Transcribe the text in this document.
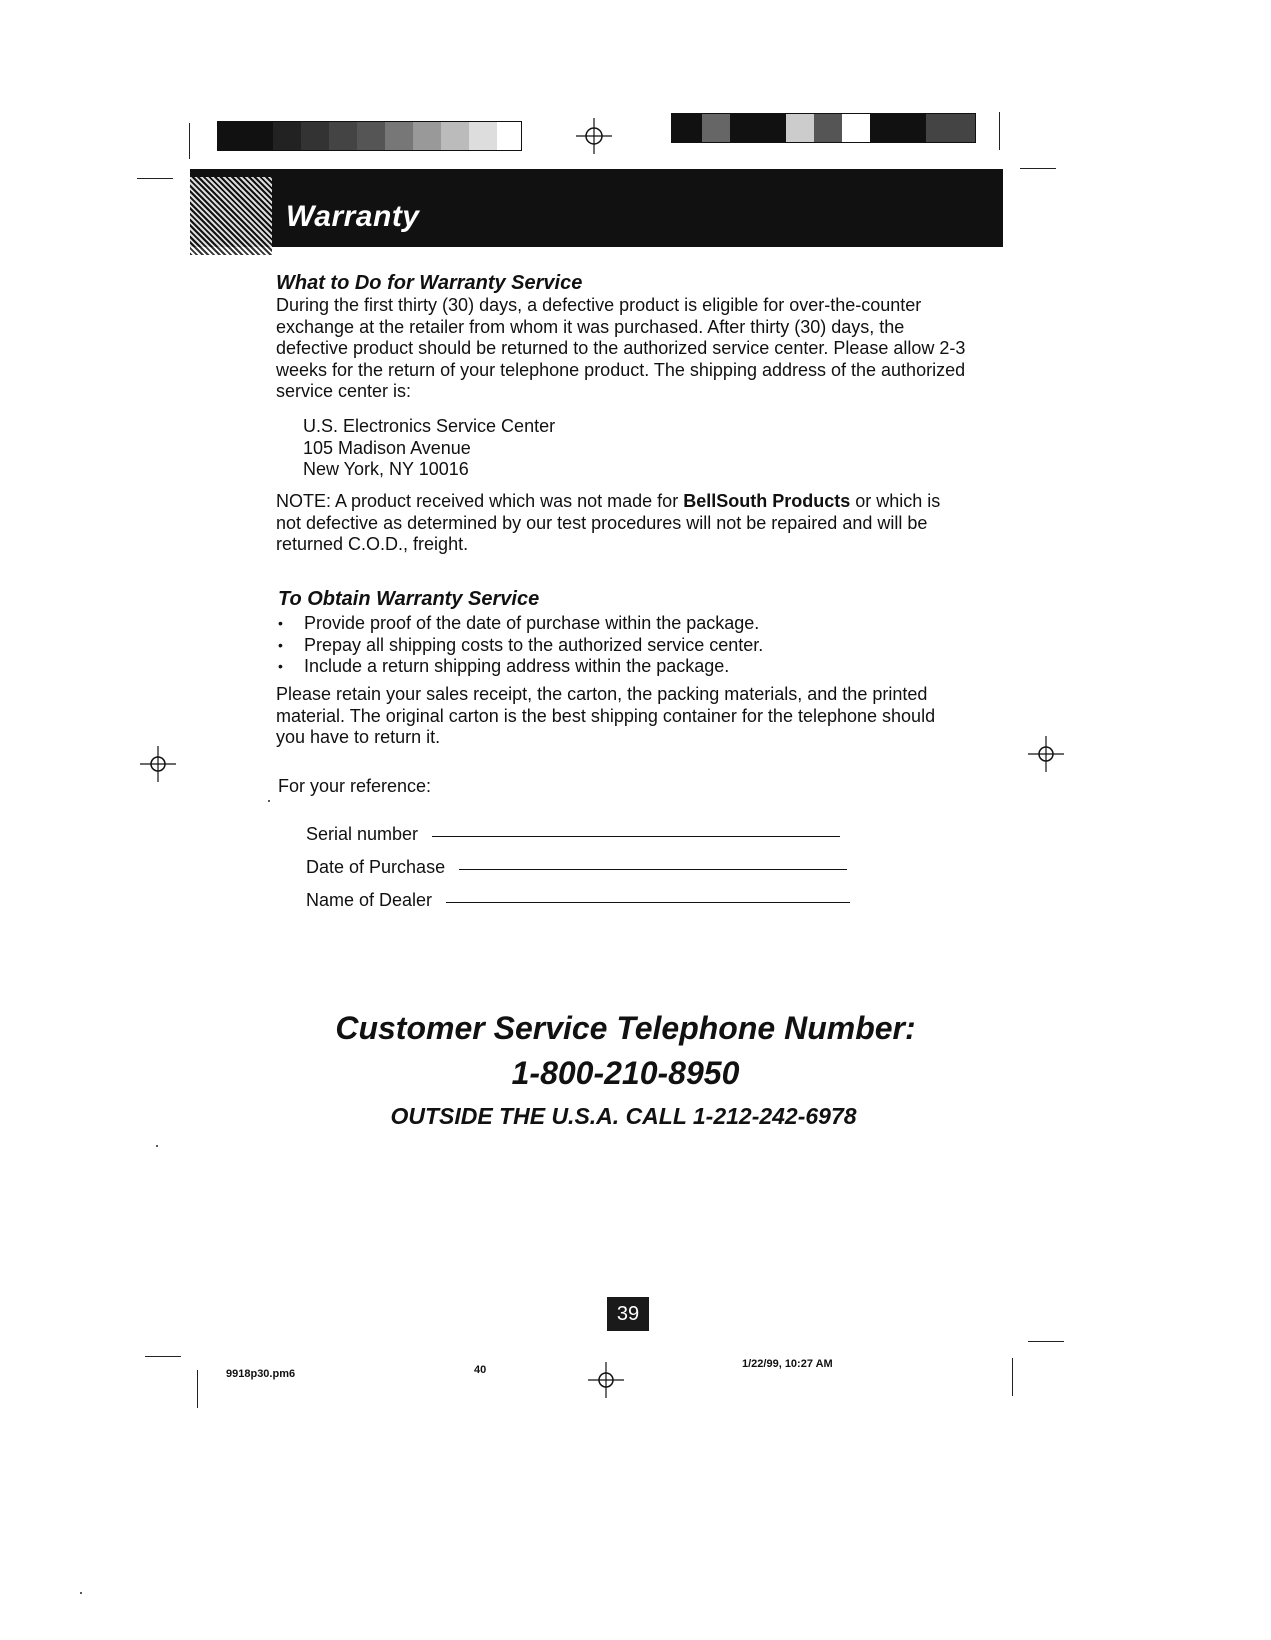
Warranty
What to Do for Warranty Service
During the first thirty (30) days, a defective product is eligible for over-the-counter exchange at the retailer from whom it was purchased. After thirty (30) days, the defective product should be returned to the authorized service center. Please allow 2-3 weeks for the return of your telephone product. The shipping address of the authorized service center is:
U.S. Electronics Service Center
105 Madison Avenue
New York, NY 10016
NOTE: A product received which was not made for BellSouth Products or which is not defective as determined by our test procedures will not be repaired and will be returned C.O.D., freight.
To Obtain Warranty Service
• Provide proof of the date of purchase within the package.
• Prepay all shipping costs to the authorized service center.
• Include a return shipping address within the package.
Please retain your sales receipt, the carton, the packing materials, and the printed material. The original carton is the best shipping container for the telephone should you have to return it.
For your reference:
Serial number
Date of Purchase
Name of Dealer
Customer Service Telephone Number:
1-800-210-8950
OUTSIDE THE U.S.A. CALL 1-212-242-6978
39
9918p30.pm6	40	1/22/99, 10:27 AM
